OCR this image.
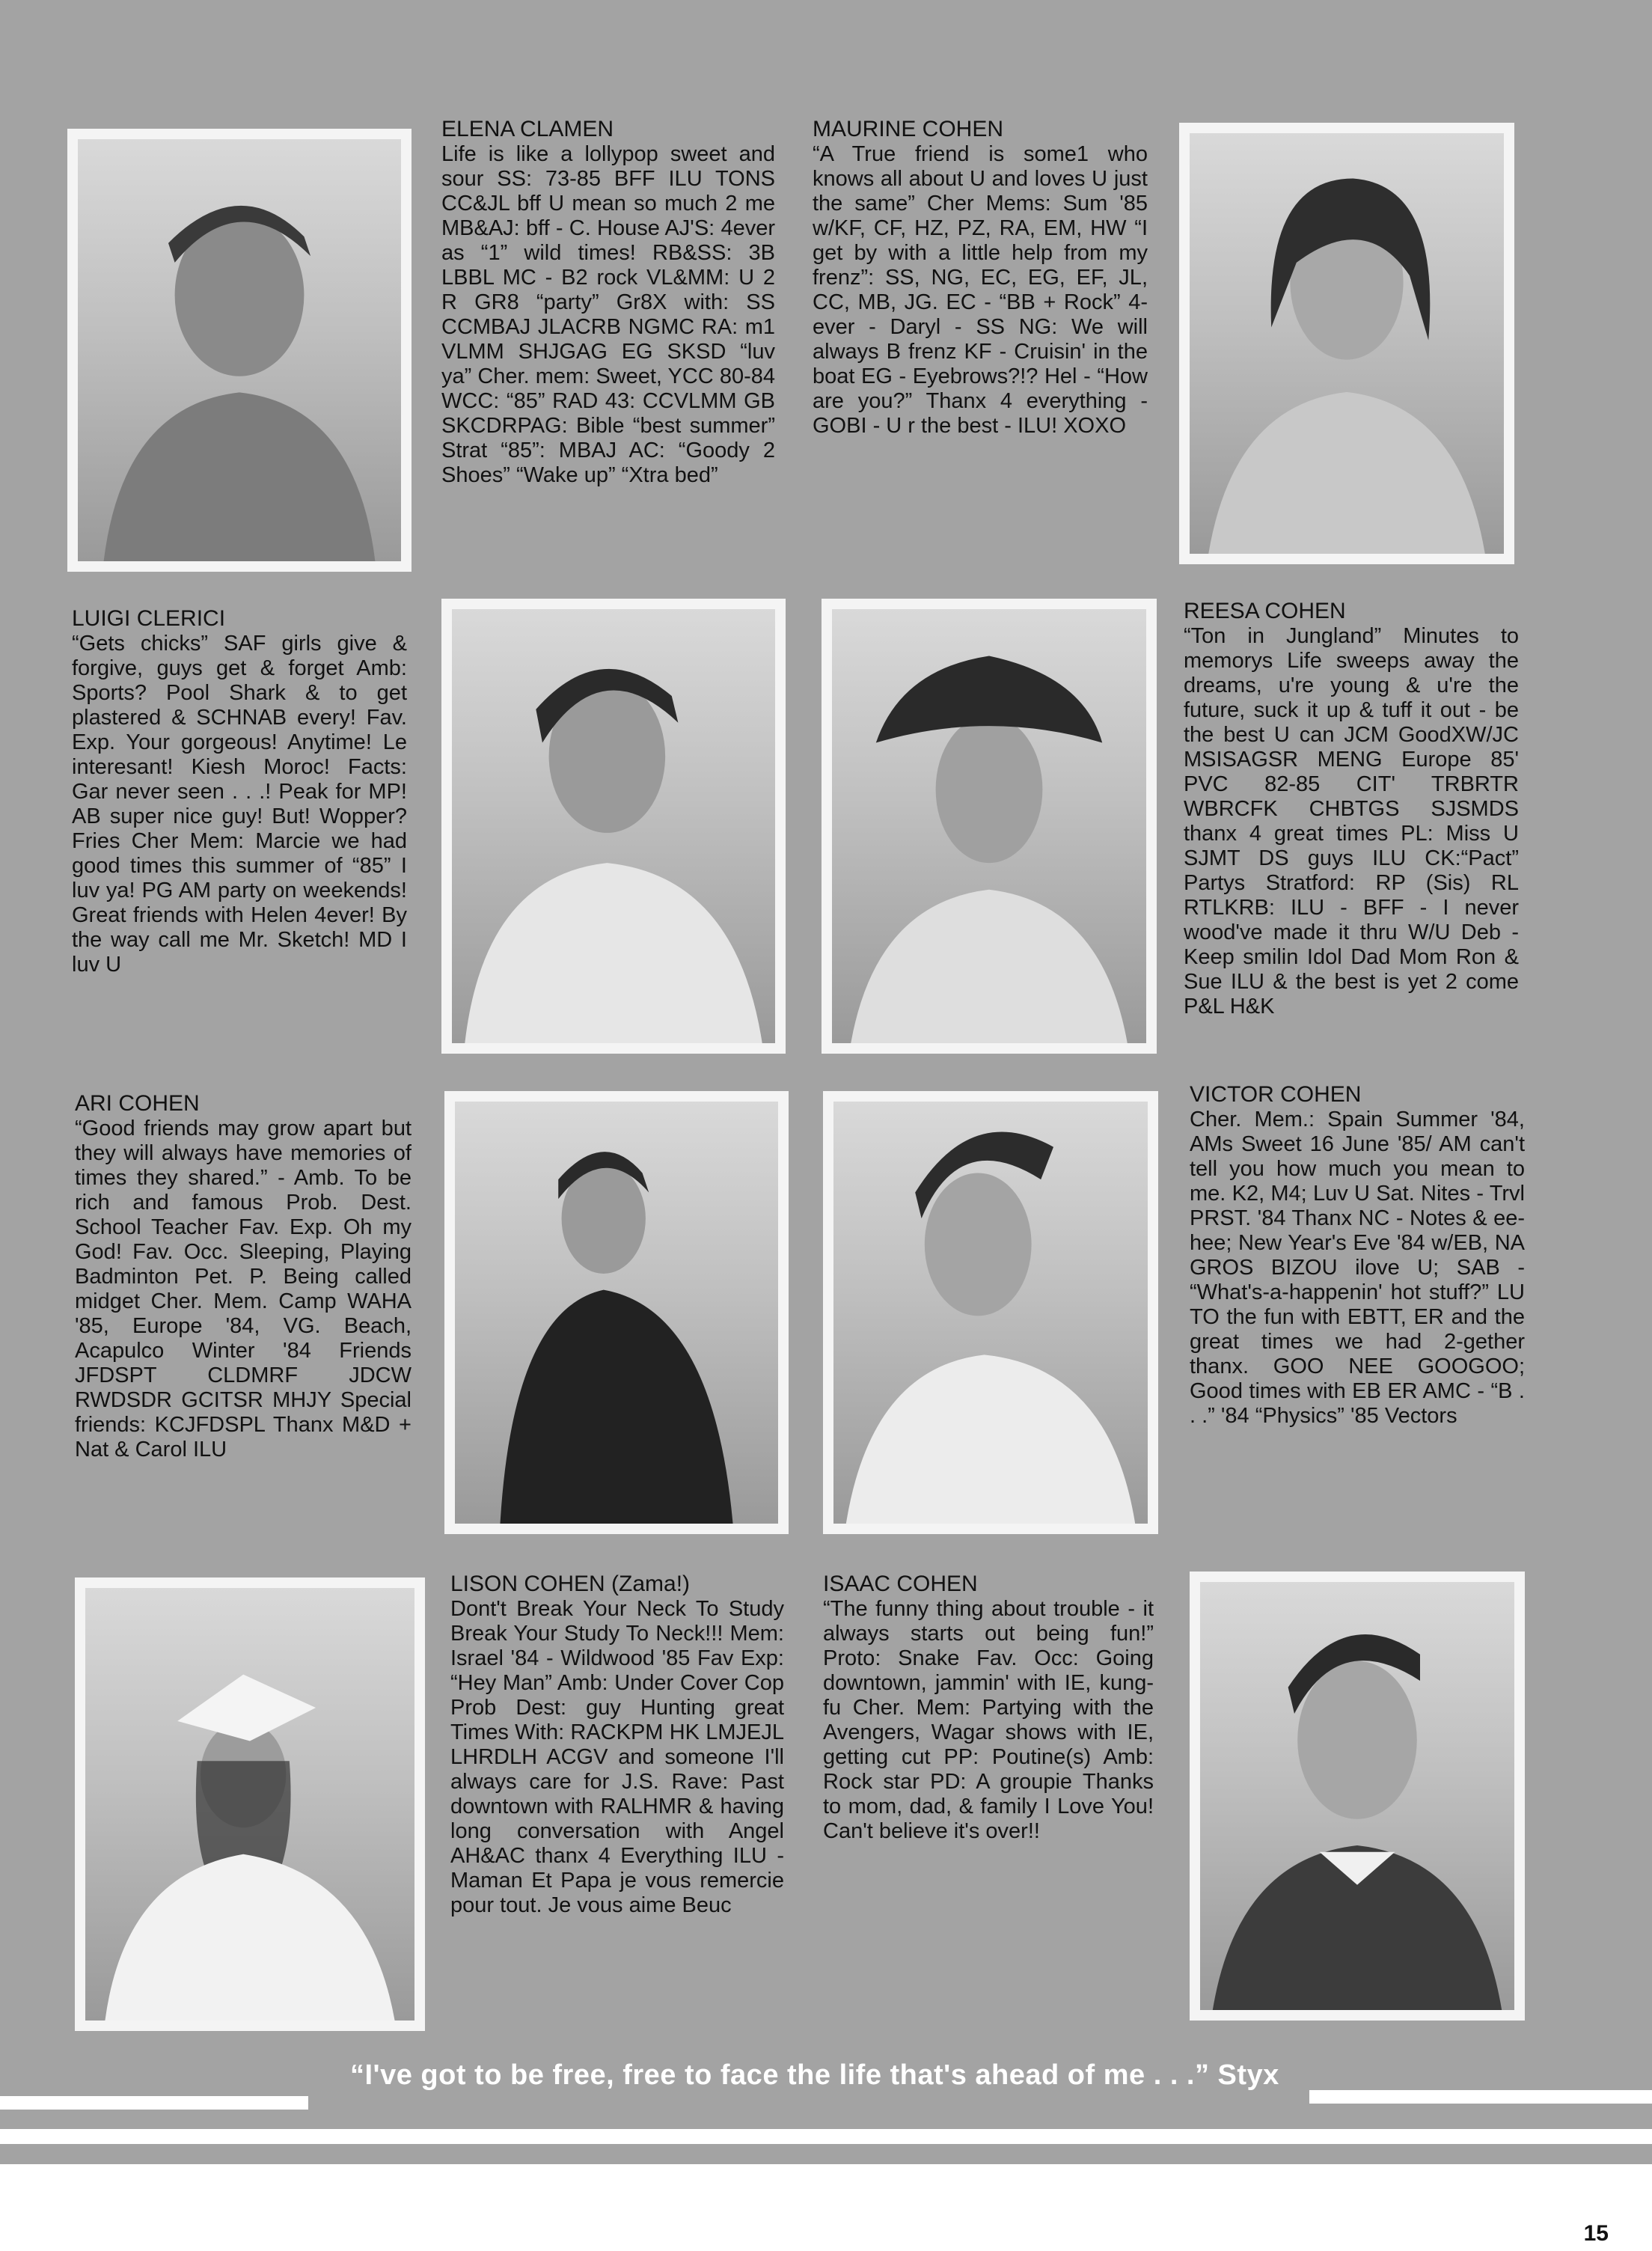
ELENA CLAMEN
Life is like a lollypop sweet and sour SS: 73-85 BFF ILU TONS CC&JL bff U mean so much 2 me MB&AJ: bff - C. House AJ'S: 4ever as “1” wild times! RB&SS: 3B LBBL MC - B2 rock VL&MM: U 2 R GR8 “party” Gr8X with: SS CCMBAJ JLACRB NGMC RA: m1 VLMM SHJGAG EG SKSD “luv ya” Cher. mem: Sweet, YCC 80-84 WCC: “85” RAD 43: CCVLMM GB SKCDRPAG: Bible “best summer” Strat “85”: MBAJ AC: “Goody 2 Shoes” “Wake up” “Xtra bed”
MAURINE COHEN
“A True friend is some1 who knows all about U and loves U just the same” Cher Mems: Sum '85 w/KF, CF, HZ, PZ, RA, EM, HW “I get by with a little help from my frenz”: SS, NG, EC, EG, EF, JL, CC, MB, JG. EC - “BB + Rock” 4-ever - Daryl - SS NG: We will always B frenz KF - Cruisin' in the boat EG - Eyebrows?!? Hel - “How are you?” Thanx 4 everything - GOBI - U r the best - ILU! XOXO
LUIGI CLERICI
“Gets chicks” SAF girls give & forgive, guys get & forget Amb: Sports? Pool Shark & to get plastered & SCHNAB every! Fav. Exp. Your gorgeous! Anytime! Le interesant! Kiesh Moroc! Facts: Gar never seen . . .! Peak for MP! AB super nice guy! But! Wopper? Fries Cher Mem: Marcie we had good times this summer of “85” I luv ya! PG AM party on weekends! Great friends with Helen 4ever! By the way call me Mr. Sketch! MD I luv U
REESA COHEN
“Ton in Jungland” Minutes to memorys Life sweeps away the dreams, u're young & u're the future, suck it up & tuff it out - be the best U can JCM GoodXW/JC MSISAGSR MENG Europe 85' PVC 82-85 CIT' TRBRTR WBRCFK CHBTGS SJSMDS thanx 4 great times PL: Miss U SJMT DS guys ILU CK:“Pact” Partys Stratford: RP (Sis) RL RTLKRB: ILU - BFF - I never wood've made it thru W/U Deb - Keep smilin Idol Dad Mom Ron & Sue ILU & the best is yet 2 come P&L H&K
ARI COHEN
“Good friends may grow apart but they will always have memories of times they shared.” - Amb. To be rich and famous Prob. Dest. School Teacher Fav. Exp. Oh my God! Fav. Occ. Sleeping, Playing Badminton Pet. P. Being called midget Cher. Mem. Camp WAHA '85, Europe '84, VG. Beach, Acapulco Winter '84 Friends JFDSPT CLDMRF JDCW RWDSDR GCITSR MHJY Special friends: KCJFDSPL Thanx M&D + Nat & Carol ILU
VICTOR COHEN
Cher. Mem.: Spain Summer '84, AMs Sweet 16 June '85/ AM can't tell you how much you mean to me. K2, M4; Luv U Sat. Nites - Trvl PRST. '84 Thanx NC - Notes & ee-hee; New Year's Eve '84 w/EB, NA GROS BIZOU ilove U; SAB - “What's-a-happenin' hot stuff?” LU TO the fun with EBTT, ER and the great times we had 2-gether thanx. GOO NEE GOOGOO; Good times with EB ER AMC - “B . . .” '84 “Physics” '85 Vectors
LISON COHEN (Zama!)
Dont't Break Your Neck To Study Break Your Study To Neck!!! Mem: Israel '84 - Wildwood '85 Fav Exp: “Hey Man” Amb: Under Cover Cop Prob Dest: guy Hunting great Times With: RACKPM HK LMJEJL LHRDLH ACGV and someone I'll always care for J.S. Rave: Past downtown with RALHMR & having long conversation with Angel AH&AC thanx 4 Everything ILU - Maman Et Papa je vous remercie pour tout. Je vous aime Beuc
ISAAC COHEN
“The funny thing about trouble - it always starts out being fun!” Proto: Snake Fav. Occ: Going downtown, jammin' with IE, kung-fu Cher. Mem: Partying with the Avengers, Wagar shows with IE, getting cut PP: Poutine(s) Amb: Rock star PD: A groupie Thanks to mom, dad, & family I Love You! Can't believe it's over!!
“I've got to be free, free to face the life that's ahead of me . . .” Styx
15
